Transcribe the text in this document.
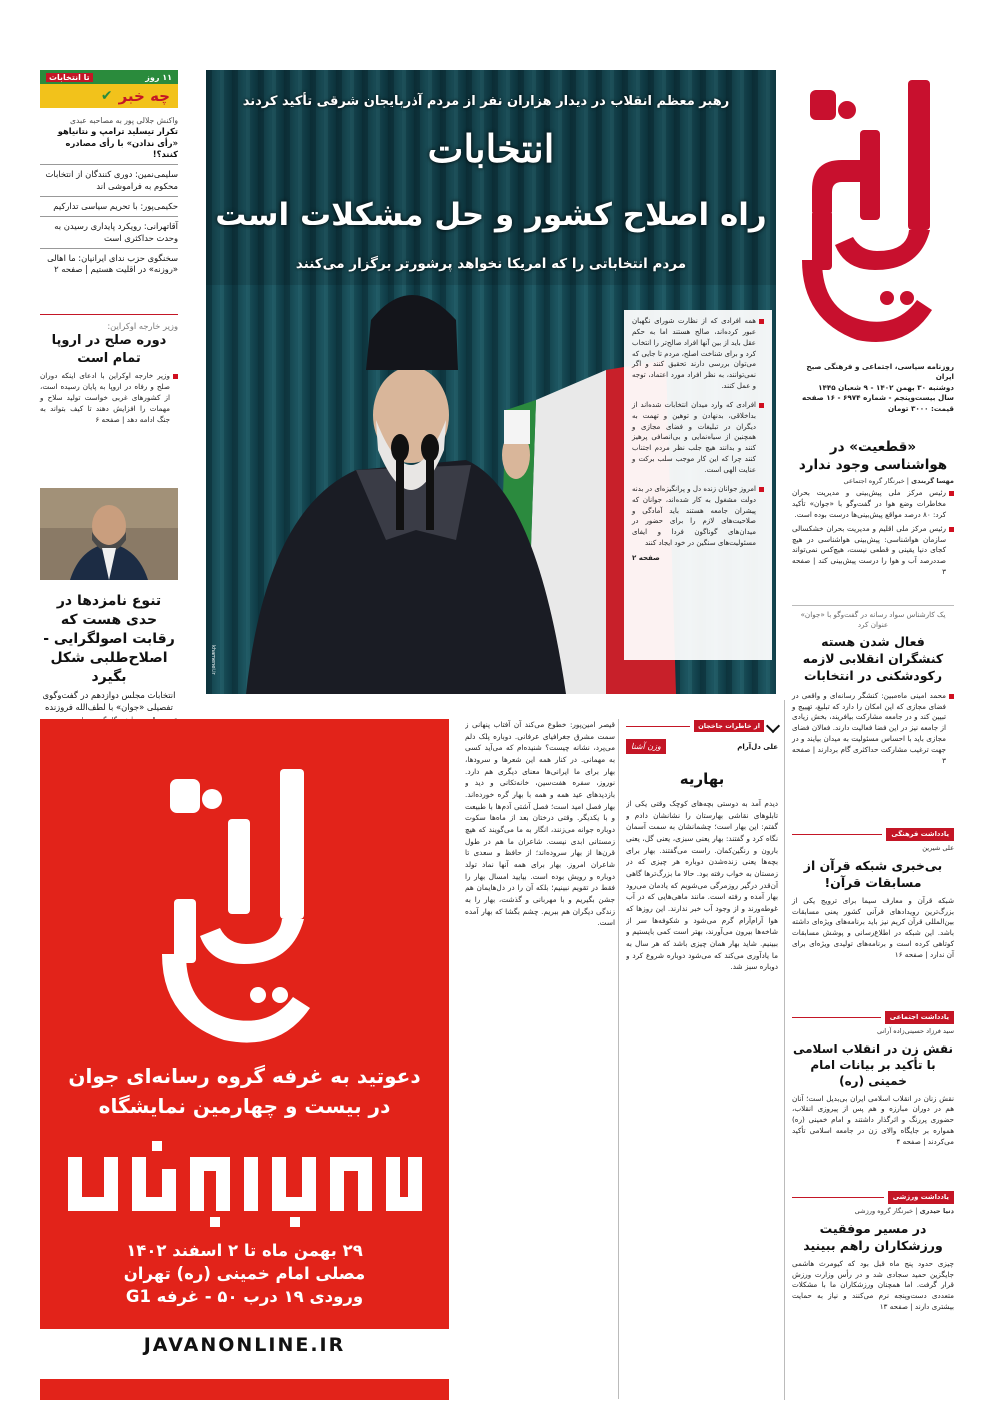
روزنامه سیاسی، اجتماعی و فرهنگی صبح ایران
دوشنبه ۳۰ بهمن ۱۴۰۲ - ۹ شعبان ۱۴۴۵
سال بیست‌وپنجم - شماره ۶۹۷۴ - ۱۶ صفحه
قیمت: ۳۰۰۰ تومان
«قطعیت» در هواشناسی وجود ندارد
مهسا گربندی | خبرنگار گروه اجتماعی
رئیس مرکز ملی پیش‌بینی و مدیریت بحران مخاطرات وضع هوا در گفت‌وگو با «جوان» تأکید کرد: ۸۰ درصد مواقع پیش‌بینی‌ها درست بوده است.
رئیس مرکز ملی اقلیم و مدیریت بحران خشکسالی سازمان هواشناسی: پیش‌بینی هواشناسی در هیچ کجای دنیا یقینی و قطعی نیست، هیچ‌کس نمی‌تواند صددرصد آب و هوا را درست پیش‌بینی کند | صفحه ۳
یک کارشناس سواد رسانه در گفت‌وگو با «جوان» عنوان کرد
فعال شدن هسته کنشگران انقلابی لازمه رکودشکنی در انتخابات
محمد امینی ماه‌مبین: کنشگر رسانه‌ای و واقعی در فضای مجازی که این امکان را دارد که تبلیغ، تهییج و تبیین کند و در جامعه مشارکت بیافریند، بخش زیادی از جامعه نیز در این فضا فعالیت دارند. فعالان فضای مجازی باید با احساس مسئولیت به میدان بیایند و در جهت ترغیب مشارکت حداکثری گام بردارند | صفحه ۳
یادداشت فرهنگی
علی شیرین
بی‌خبری شبکه قرآن از مسابقات قرآن!
شبکه قرآن و معارف سیما برای ترویج یکی از بزرگ‌ترین رویدادهای قرآنی کشور یعنی مسابقات بین‌المللی قرآن کریم نیز باید برنامه‌های ویژه‌ای داشته باشد. این شبکه در اطلاع‌رسانی و پوشش مسابقات کوتاهی کرده است و برنامه‌های تولیدی ویژه‌ای برای آن ندارد | صفحه ۱۶
یادداشت اجتماعی
سید فرزاد حسینی‌زاده آرانی
نقش زن در انقلاب اسلامی با تأکید بر بیانات امام خمینی (ره)
نقش زنان در انقلاب اسلامی ایران بی‌بدیل است؛ آنان هم در دوران مبارزه و هم پس از پیروزی انقلاب، حضوری پررنگ و اثرگذار داشتند و امام خمینی (ره) همواره بر جایگاه والای زن در جامعه اسلامی تأکید می‌کردند | صفحه ۴
یادداشت ورزشی
دنیا حیدری | خبرنگار گروه ورزشی
در مسیر موفقیت ورزشکاران راهم ببینید
چیزی حدود پنج ماه قبل بود که کیومرث هاشمی جایگزین حمید سجادی شد و در رأس وزارت ورزش قرار گرفت. اما همچنان ورزشکاران ما با مشکلات متعددی دست‌وپنجه نرم می‌کنند و نیاز به حمایت بیشتری دارند | صفحه ۱۳
رهبر معظم انقلاب در دیدار هزاران نفر از مردم آذربایجان شرقی تأکید کردند
انتخابات
راه اصلاح کشور و حل مشکلات است
مردم انتخاباتی را که امریکا نخواهد پرشورتر برگزار می‌کنند
همه افرادی که از نظارت شورای نگهبان عبور کرده‌اند، صالح هستند اما به حکم عقل باید از بین آنها افراد صالح‌تر را انتخاب کرد و برای شناخت اصلح، مردم تا جایی که می‌توان بررسی دارند تحقیق کنند و اگر نمی‌توانند، به نظر افراد مورد اعتماد، توجه و عمل کنند.
افرادی که وارد میدان انتخابات شده‌اند از بداخلاقی، بدنهادن و توهین و تهمت به دیگران در تبلیغات و فضای مجازی و همچنین از سیاه‌نمایی و بی‌انصافی پرهیز کنند و بدانند هیچ جلب نظر مردم اجتناب کنند چرا که این کار موجب سلب برکت و عنایت الهی است.
امروز جوانان زنده دل و پرانگیزه‌ای در بدنه دولت مشغول به کار شده‌اند، جوانان که پیشران جامعه هستند باید آمادگی و صلاحیت‌های لازم را برای حضور در میدان‌های گوناگون فردا و ایفای مسئولیت‌های سنگین در خود ایجاد کنند
صفحه ۲
khamenei.ir
۱۱ روز
تا انتخابات
چه خبر
✔
واکنش جلالی پور به مصاحبه عبدی
تکرار تیسلید ترامپ و نتانیاهو «رأی ندادن» با رأی مصادره کنند؟!
سلیمی‌نمین: دوری کنندگان از انتخابات محکوم به فراموشی اند
حکیمی‌پور: با تحریم سیاسی تدارکیم
آقاتهرانی: رویکرد پایداری رسیدن به وحدت حداکثری است
سخنگوی حزب ندای ایرانیان: ما اهالی «روزنه» در اقلیت هستیم | صفحه ۲
وزیر خارجه اوکراین:
دوره صلح در اروپا تمام است
وزیر خارجه اوکراین با ادعای اینکه دوران صلح و رفاه در اروپا به پایان رسیده است، از کشورهای غربی خواست تولید سلاح و مهمات را افزایش دهند تا کیف بتواند به جنگ ادامه دهد | صفحه ۶
تنوع نامزدها در حدی هست که رقابت اصولگرایی - اصلاح‌طلبی شکل بگیرد
انتخابات مجلس دوازدهم در گفت‌وگوی تفصیلی «جوان» با لطف‌الله فروزنده
دعوتید به غرفه گروه رسانه‌ای جوان
در بیست و چهارمین نمایشگاه
۲۹ بهمن ماه تا ۲ اسفند ۱۴۰۲
مصلی امام خمینی (ره) تهران
ورودی ۱۹ درب ۵۰ - غرفه G1
JAVANONLINE.IR
از خاطرات جاخجان
علی دل‌آرام
وزن آشنا
بهاریه
دیدم آمد به دوستی بچه‌های کوچک وقتی یکی از تابلوهای نقاشی بهارستان را نشانشان دادم و گفتم: این بهار است؛ چشمانشان به سمت آسمان نگاه کرد و گفتند: بهار یعنی سبزی، یعنی گل، یعنی بارون و رنگین‌کمان. راست می‌گفتند. بهار برای بچه‌ها یعنی زنده‌شدن دوباره هر چیزی که در زمستان به خواب رفته بود. حالا ما بزرگ‌ترها گاهی آن‌قدر درگیر روزمرگی می‌شویم که یادمان می‌رود بهار آمده و رفته است. مانند ماهی‌هایی که در آب غوطه‌ورند و از وجود آب خبر ندارند. این روزها که هوا آرام‌آرام گرم می‌شود و شکوفه‌ها سر از شاخه‌ها بیرون می‌آورند، بهتر است کمی بایستیم و ببینیم. شاید بهار همان چیزی باشد که هر سال به ما یادآوری می‌کند که می‌شود دوباره شروع کرد و دوباره سبز شد.
قیصر امین‌پور: خطوع می‌کند آن آفتاب پنهانی ز سمت مشرق جغرافیای عرفانی. دوباره پلک دلم می‌پرد، نشانه چیست؟ شنیده‌ام که می‌آید کسی به مهمانی. در کنار همه این شعرها و سرودها، بهار برای ما ایرانی‌ها معنای دیگری هم دارد. نوروز، سفره هفت‌سین، خانه‌تکانی و دید و بازدیدهای عید همه و همه با بهار گره خورده‌اند. بهار فصل امید است؛ فصل آشتی آدم‌ها با طبیعت و با یکدیگر. وقتی درختان بعد از ماه‌ها سکوت دوباره جوانه می‌زنند، انگار به ما می‌گویند که هیچ زمستانی ابدی نیست. شاعران ما هم در طول قرن‌ها از بهار سروده‌اند؛ از حافظ و سعدی تا شاعران امروز. بهار برای همه آنها نماد تولد دوباره و رویش بوده است. بیایید امسال بهار را فقط در تقویم نبینیم؛ بلکه آن را در دل‌هایمان هم جشن بگیریم و با مهربانی و گذشت، بهار را به زندگی دیگران هم ببریم. چشم بگشا که بهار آمده است.
